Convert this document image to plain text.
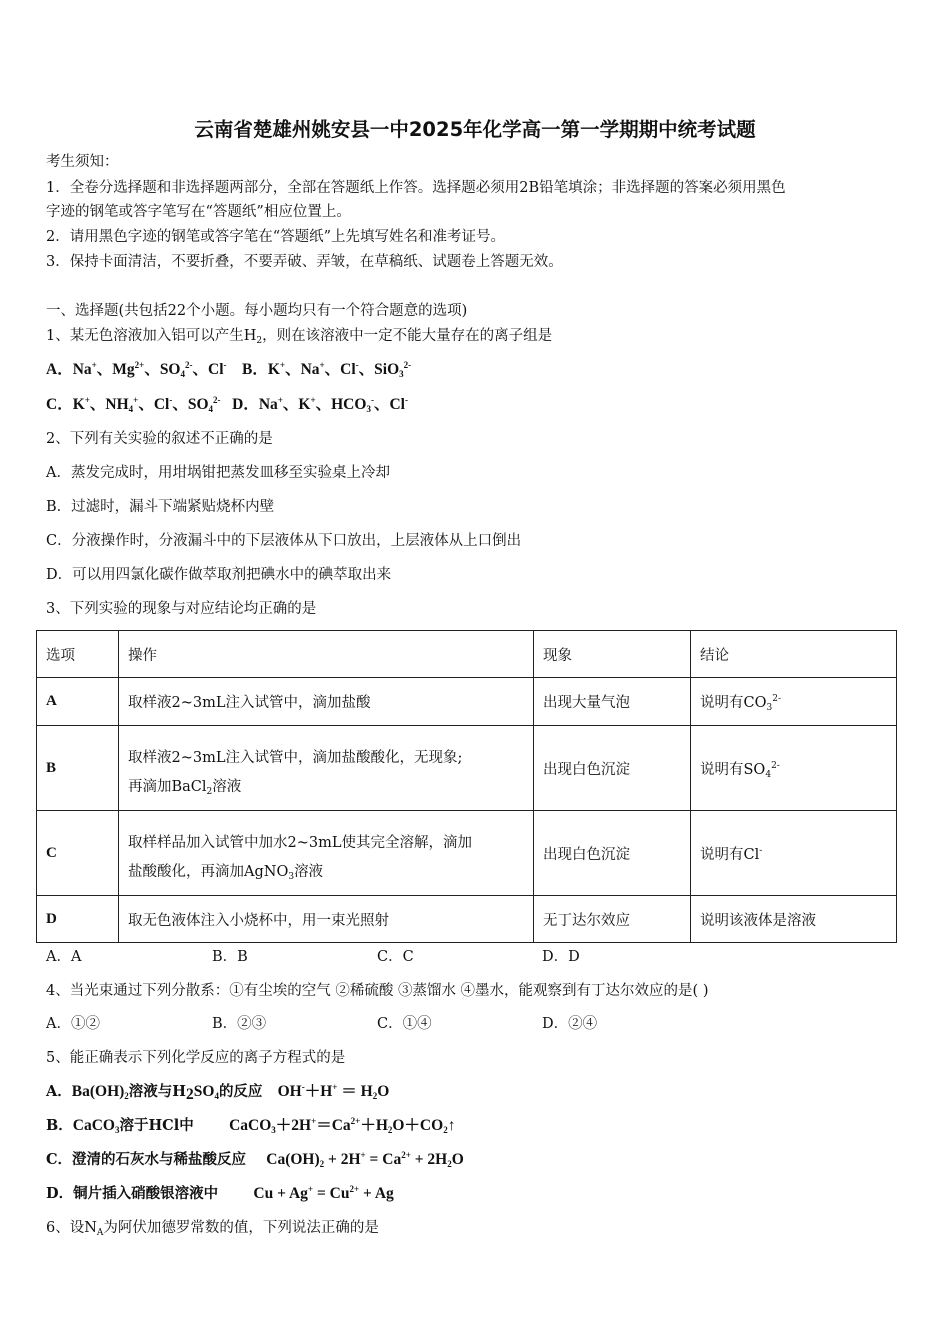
云南省楚雄州姚安县一中2025年化学高一第一学期期中统考试题
考生须知：
1．全卷分选择题和非选择题两部分，全部在答题纸上作答。选择题必须用2B铅笔填涂；非选择题的答案必须用黑色
字迹的钢笔或答字笔写在“答题纸”相应位置上。
2．请用黑色字迹的钢笔或答字笔在“答题纸”上先填写姓名和准考证号。
3．保持卡面清洁，不要折叠，不要弄破、弄皱，在草稿纸、试题卷上答题无效。
一、选择题(共包括22个小题。每小题均只有一个符合题意的选项)
1、某无色溶液加入铝可以产生$H_2$，则在该溶液中一定不能大量存在的离子组是
A．Na+、$Mg^{2+}$、$SO_4^{2-}$、Cl-    B．K+、Na+、Cl-、SiO$_3^{2-}$
C．K+、$NH_4^+$、Cl-、$SO_4^{2-}$   D．Na+、K+、$HCO_3^-$、Cl-
2、下列有关实验的叙述不正确的是
A．蒸发完成时，用坩埚钳把蒸发皿移至实验桌上冷却
B．过滤时，漏斗下端紧贴烧杯内壁
C．分液操作时，分液漏斗中的下层液体从下口放出，上层液体从上口倒出
D．可以用四氯化碳作做萃取剂把碘水中的碘萃取出来
3、下列实验的现象与对应结论均正确的是
选项	操作	现象	结论
A	取样液2~3mL注入试管中，滴加盐酸	出现大量气泡	说明有$CO_3^{2-}$
B	取样液2~3mL注入试管中，滴加盐酸酸化，无现象;
再滴加BaCl$_2$溶液	出现白色沉淀	说明有$SO_4^{2-}$
C	取样样品加入试管中加水2~3mL使其完全溶解，滴加
盐酸酸化，再滴加AgNO$_3$溶液	出现白色沉淀	说明有Cl-
D	取无色液体注入小烧杯中，用一束光照射	无丁达尔效应	说明该液体是溶液
A．A	B．B	C．C	D．D
4、当光束通过下列分散系：①有尘埃的空气 ②稀硫酸 ③蒸馏水 ④墨水，能观察到有丁达尔效应的是( )
A．①②	B．②③	C．①④	D．②④
5、能正确表示下列化学反应的离子方程式的是
A．$Ba(OH)_2$溶液与$H_2SO_4$的反应 $OH^-+H^+ = H_2O$
B．CaCO$_3$溶于HCl中 $CaCO_3+2H^+=Ca^{2+}+H_2O+CO_2↑$
C．澄清的石灰水与稀盐酸反应 $Ca(OH)_2 + 2H^+ = Ca^{2+} + 2H_2O$
D．铜片插入硝酸银溶液中 $Cu + Ag^+ = Cu^{2+} + Ag$
6、设$N_A$为阿伏加德罗常数的值，下列说法正确的是
